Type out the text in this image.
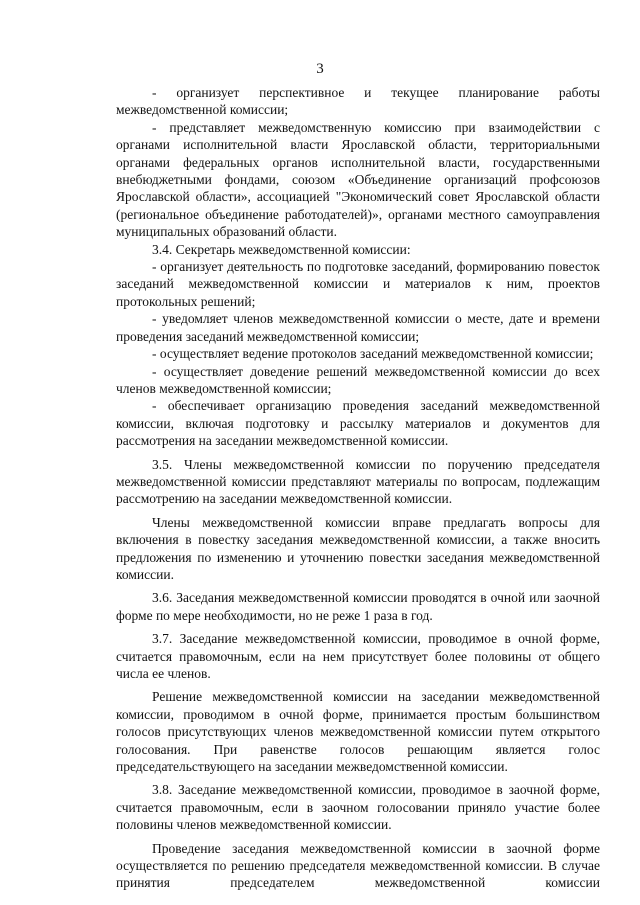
3

- организует перспективное и текущее планирование работы межведомственной комиссии;

- представляет межведомственную комиссию при взаимодействии с органами исполнительной власти Ярославской области, территориальными органами федеральных органов исполнительной власти, государственными внебюджетными фондами, союзом «Объединение организаций профсоюзов Ярославской области», ассоциацией "Экономический совет Ярославской области (региональное объединение работодателей)», органами местного самоуправления муниципальных образований области.

3.4. Секретарь межведомственной комиссии:

- организует деятельность по подготовке заседаний, формированию повесток заседаний межведомственной комиссии и материалов к ним, проектов протокольных решений;

- уведомляет членов межведомственной комиссии о месте, дате и времени проведения заседаний межведомственной комиссии;

- осуществляет ведение протоколов заседаний межведомственной комиссии;

- осуществляет доведение решений межведомственной комиссии до всех членов межведомственной комиссии;

- обеспечивает организацию проведения заседаний межведомственной комиссии, включая подготовку и рассылку материалов и документов для рассмотрения на заседании межведомственной комиссии.

3.5. Члены межведомственной комиссии по поручению председателя межведомственной комиссии представляют материалы по вопросам, подлежащим рассмотрению на заседании межведомственной комиссии.

Члены межведомственной комиссии вправе предлагать вопросы для включения в повестку заседания межведомственной комиссии, а также вносить предложения по изменению и уточнению повестки заседания межведомственной комиссии.

3.6. Заседания межведомственной комиссии проводятся в очной или заочной форме по мере необходимости, но не реже 1 раза в год.

3.7. Заседание межведомственной комиссии, проводимое в очной форме, считается правомочным, если на нем присутствует более половины от общего числа ее членов.

Решение межведомственной комиссии на заседании межведомственной комиссии, проводимом в очной форме, принимается простым большинством голосов присутствующих членов межведомственной комиссии путем открытого голосования. При равенстве голосов решающим является голос председательствующего на заседании межведомственной комиссии.

3.8. Заседание межведомственной комиссии, проводимое в заочной форме, считается правомочным, если в заочном голосовании приняло участие более половины членов межведомственной комиссии.

Проведение заседания межведомственной комиссии в заочной форме осуществляется по решению председателя межведомственной комиссии. В случае принятия председателем межведомственной комиссии
